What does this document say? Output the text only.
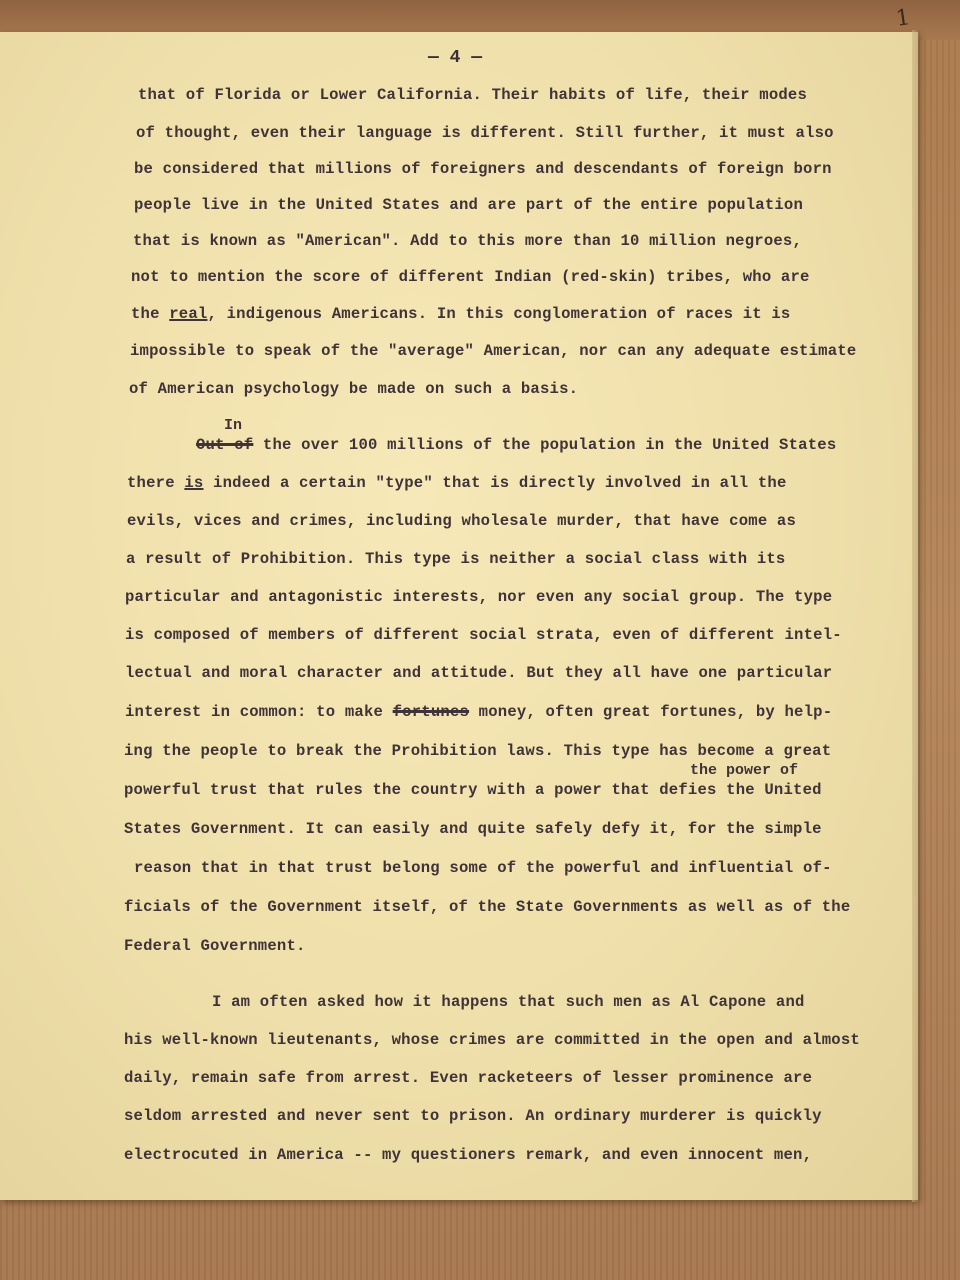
1
— 4 —
that of Florida or Lower California. Their habits of life, their modes
of thought, even their language is different. Still further, it must also
be considered that millions of foreigners and descendants of foreign born
people live in the United States and are part of the entire population
that is known as "American". Add to this more than 10 million negroes,
not to mention the score of different Indian (red-skin) tribes, who are
the real, indigenous Americans. In this conglomeration of races it is
impossible to speak of the "average" American, nor can any adequate estimate
of American psychology be made on such a basis.
In
Out of the over 100 millions of the population in the United States
there is indeed a certain "type" that is directly involved in all the
evils, vices and crimes, including wholesale murder, that have come as
a result of Prohibition. This type is neither a social class with its
particular and antagonistic interests, nor even any social group. The type
is composed of members of different social strata, even of different intel-
lectual and moral character and attitude. But they all have one particular
interest in common: to make fortunes money, often great fortunes, by help-
ing the people to break the Prohibition laws. This type has become a great
the power of
powerful trust that rules the country with a power that defies the United
States Government. It can easily and quite safely defy it, for the simple
reason that in that trust belong some of the powerful and influential of-
ficials of the Government itself, of the State Governments as well as of the
Federal Government.
I am often asked how it happens that such men as Al Capone and
his well-known lieutenants, whose crimes are committed in the open and almost
daily, remain safe from arrest. Even racketeers of lesser prominence are
seldom arrested and never sent to prison. An ordinary murderer is quickly
electrocuted in America -- my questioners remark, and even innocent men,
